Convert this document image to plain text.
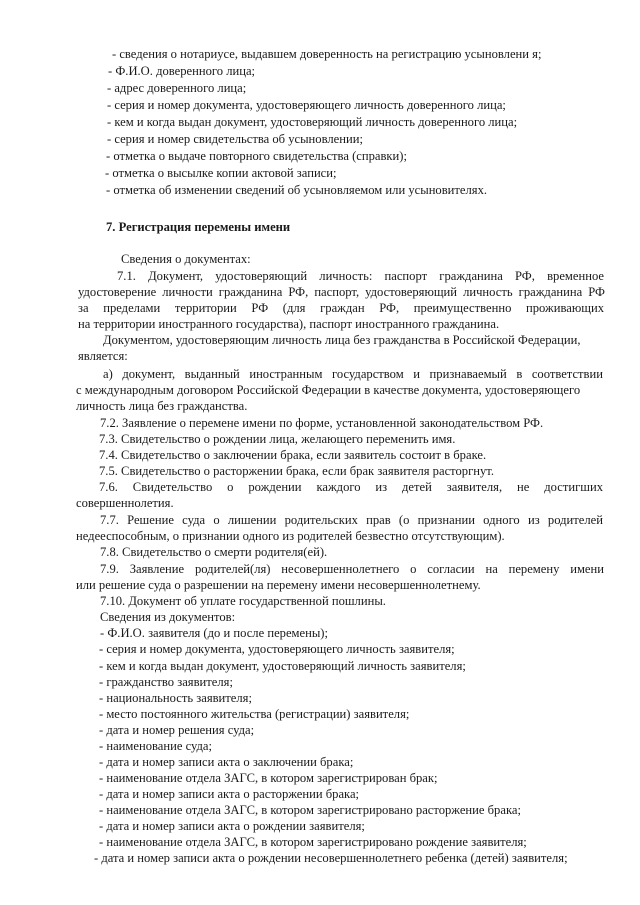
- сведения о нотариусе, выдавшем доверенность на регистрацию усыновлени я;
- Ф.И.О. доверенного лица;
- адрес доверенного лица;
- серия и номер документа, удостоверяющего личность доверенного лица;
- кем и когда выдан документ, удостоверяющий личность доверенного лица;
- серия и номер свидетельства об усыновлении;
- отметка о выдаче повторного свидетельства (справки);
- отметка о высылке копии актовой записи;
- отметка об изменении сведений об усыновляемом или усыновителях.
7. Регистрация перемены имени
Сведения о документах:
7.1. Документ, удостоверяющий личность: паспорт гражданина РФ, временное
удостоверение личности гражданина РФ, паспорт, удостоверяющий личность гражданина РФ
за пределами территории РФ (для граждан РФ, преимущественно проживающих
на территории иностранного государства), паспорт иностранного гражданина.
Документом, удостоверяющим личность лица без гражданства в Российской Федерации,
является:
а) документ, выданный иностранным государством и признаваемый в соответствии
с международным договором Российской Федерации в качестве документа, удостоверяющего
личность лица без гражданства.
7.2. Заявление о перемене имени по форме, установленной законодательством РФ.
7.3. Свидетельство о рождении лица, желающего переменить имя.
7.4. Свидетельство о заключении брака, если заявитель состоит в браке.
7.5. Свидетельство о расторжении брака, если брак заявителя расторгнут.
7.6. Свидетельство о рождении каждого из детей заявителя, не достигших
совершеннолетия.
7.7. Решение суда о лишении родительских прав (о признании одного из родителей
недееспособным, о признании одного из родителей безвестно отсутствующим).
7.8. Свидетельство о смерти родителя(ей).
7.9. Заявление родителей(ля) несовершеннолетнего о согласии на перемену имени
или решение суда о разрешении на перемену имени несовершеннолетнему.
7.10. Документ об уплате государственной пошлины.
Сведения из документов:
- Ф.И.О. заявителя (до и после перемены);
- серия и номер документа, удостоверяющего личность заявителя;
- кем и когда выдан документ, удостоверяющий личность заявителя;
- гражданство заявителя;
- национальность заявителя;
- место постоянного жительства (регистрации) заявителя;
- дата и номер решения суда;
- наименование суда;
- дата и номер записи акта о заключении брака;
- наименование отдела ЗАГС, в котором зарегистрирован брак;
- дата и номер записи акта о расторжении брака;
- наименование отдела ЗАГС, в котором зарегистрировано расторжение брака;
- дата и номер записи акта о рождении заявителя;
- наименование отдела ЗАГС, в котором зарегистрировано рождение заявителя;
- дата и номер записи акта о рождении несовершеннолетнего ребенка (детей) заявителя;
